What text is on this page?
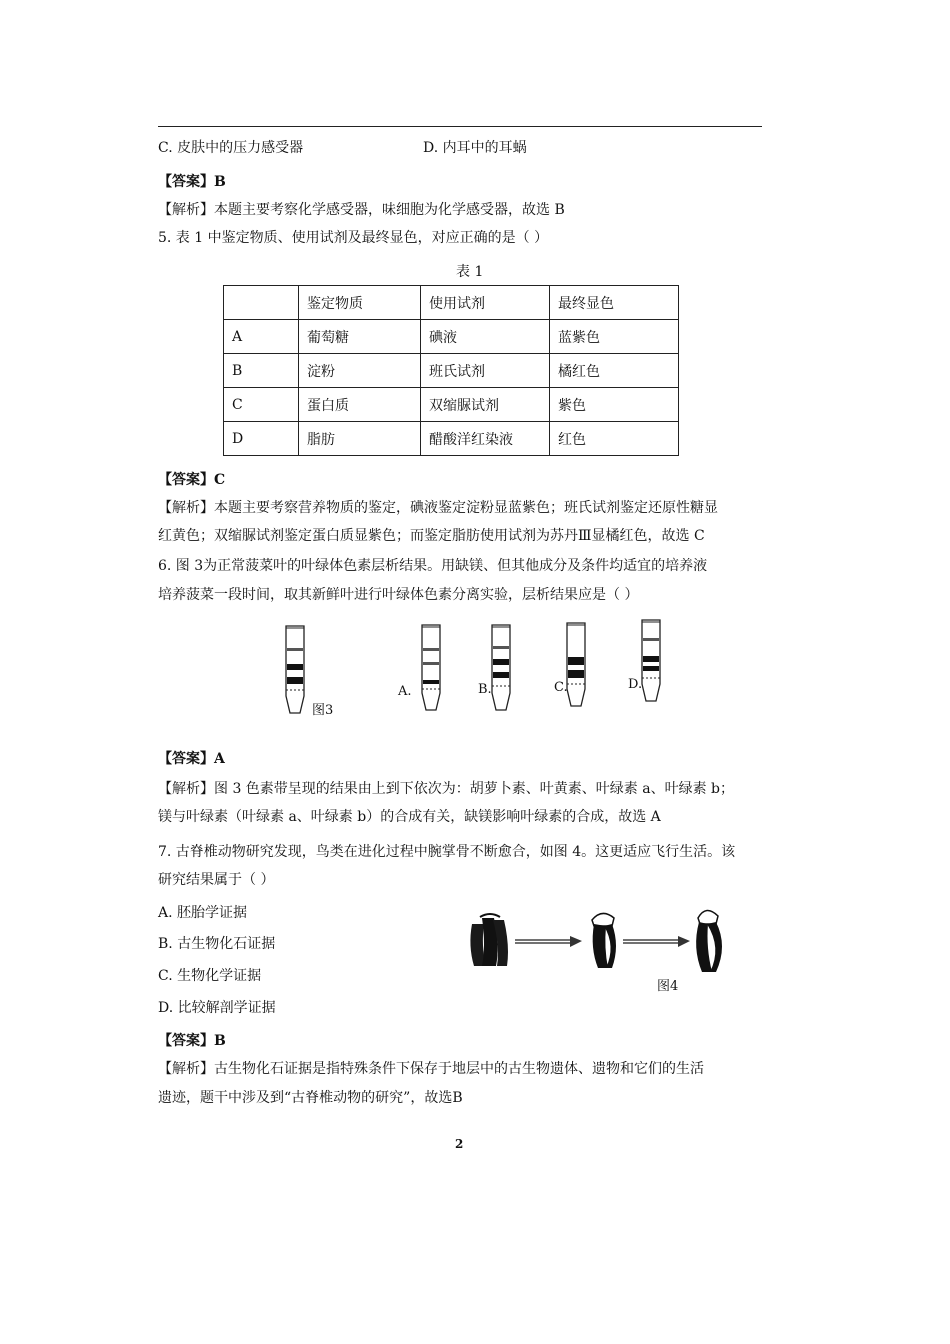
C. 皮肤中的压力感受器	D. 内耳中的耳蜗
【答案】B
【解析】本题主要考察化学感受器，味细胞为化学感受器，故选 B
5. 表 1 中鉴定物质、使用试剂及最终显色，对应正确的是（ ）
表 1
	鉴定物质	使用试剂	最终显色
A	葡萄糖	碘液	蓝紫色
B	淀粉	班氏试剂	橘红色
C	蛋白质	双缩脲试剂	紫色
D	脂肪	醋酸洋红染液	红色
【答案】C
【解析】本题主要考察营养物质的鉴定，碘液鉴定淀粉显蓝紫色；班氏试剂鉴定还原性糖显
红黄色；双缩脲试剂鉴定蛋白质显紫色；而鉴定脂肪使用试剂为苏丹Ⅲ显橘红色，故选 C
6. 图 3为正常菠菜叶的叶绿体色素层析结果。用缺镁、但其他成分及条件均适宜的培养液
培养菠菜一段时间，取其新鲜叶进行叶绿体色素分离实验，层析结果应是（ ）
图3
A.	B.	C.	D.
【答案】A
【解析】图 3 色素带呈现的结果由上到下依次为：胡萝卜素、叶黄素、叶绿素 a、叶绿素 b；
镁与叶绿素（叶绿素 a、叶绿素 b）的合成有关，缺镁影响叶绿素的合成，故选 A
7. 古脊椎动物研究发现，鸟类在进化过程中腕掌骨不断愈合，如图 4。这更适应飞行生活。该
研究结果属于（ ）
A. 胚胎学证据
B. 古生物化石证据
C. 生物化学证据
D. 比较解剖学证据
图4
【答案】B
【解析】古生物化石证据是指特殊条件下保存于地层中的古生物遗体、遗物和它们的生活
遗迹，题干中涉及到“古脊椎动物的研究”，故选B
2
